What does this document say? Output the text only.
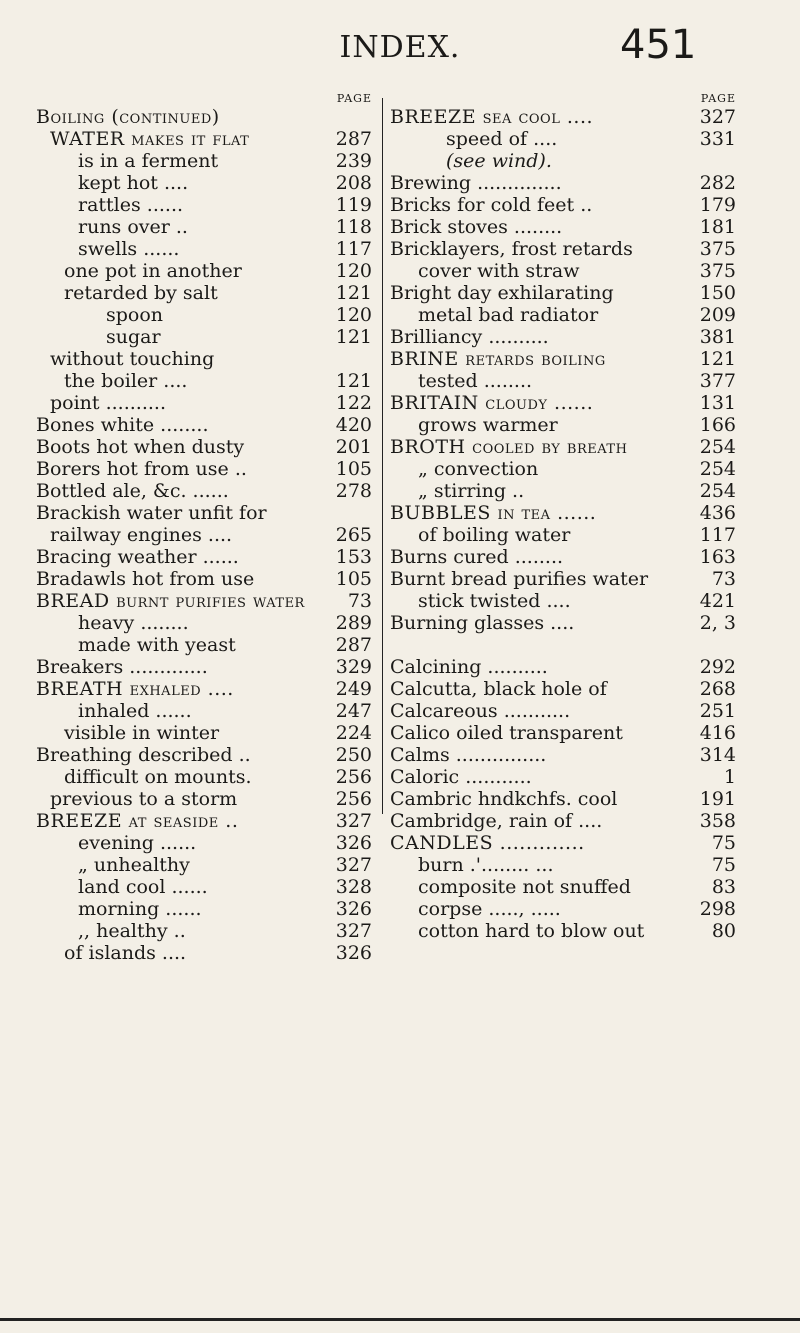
INDEX.	451
PAGE
Boiling (continued)
WATER makes it flat	287
is in a ferment	239
kept hot ....	208
rattles ......	119
runs over ..	118
swells ......	117
one pot in another	120
retarded by salt	121
spoon	120
sugar	121
without touching
the boiler ....	121
point ..........	122
Bones white ........	420
Boots hot when dusty	201
Borers hot from use ..	105
Bottled ale, &c. ......	278
Brackish water unfit for
railway engines ....	265
Bracing weather ......	153
Bradawls hot from use	105
BREAD burnt purifies water 73
heavy ........	289
made with yeast	287
Breakers .............	329
BREATH exhaled ....	249
inhaled ......	247
visible in winter	224
Breathing described ..	250
difficult on mounts.	256
previous to a storm	256
BREEZE at seaside ..	327
evening ......	326
„ unhealthy	327
land cool ......	328
morning ......	326
,, healthy ..	327
of islands ....	326
PAGE
BREEZE sea cool ....	327
speed of ....	331
(see wind).
Brewing ..............	282
Bricks for cold feet ..	179
Brick stoves ........	181
Bricklayers, frost retards	375
cover with straw	375
Bright day exhilarating	150
metal bad radiator	209
Brilliancy ..........	381
BRINE retards boiling	121
tested ........	377
BRITAIN cloudy ......	131
grows warmer	166
BROTH cooled by breath	254
„ convection	254
„ stirring ..	254
BUBBLES in tea ......	436
of boiling water	117
Burns cured ........	163
Burnt bread purifies water	73
stick twisted ....	421
Burning glasses ....	2, 3
Calcining ..........	292
Calcutta, black hole of	268
Calcareous ...........	251
Calico oiled transparent	416
Calms ...............	314
Caloric ...........	1
Cambric hndkchfs. cool	191
Cambridge, rain of ....	358
CANDLES .............	75
burn .'........ ...	75
composite not snuffed	83
corpse ....., .....	298
cotton hard to blow out	80
